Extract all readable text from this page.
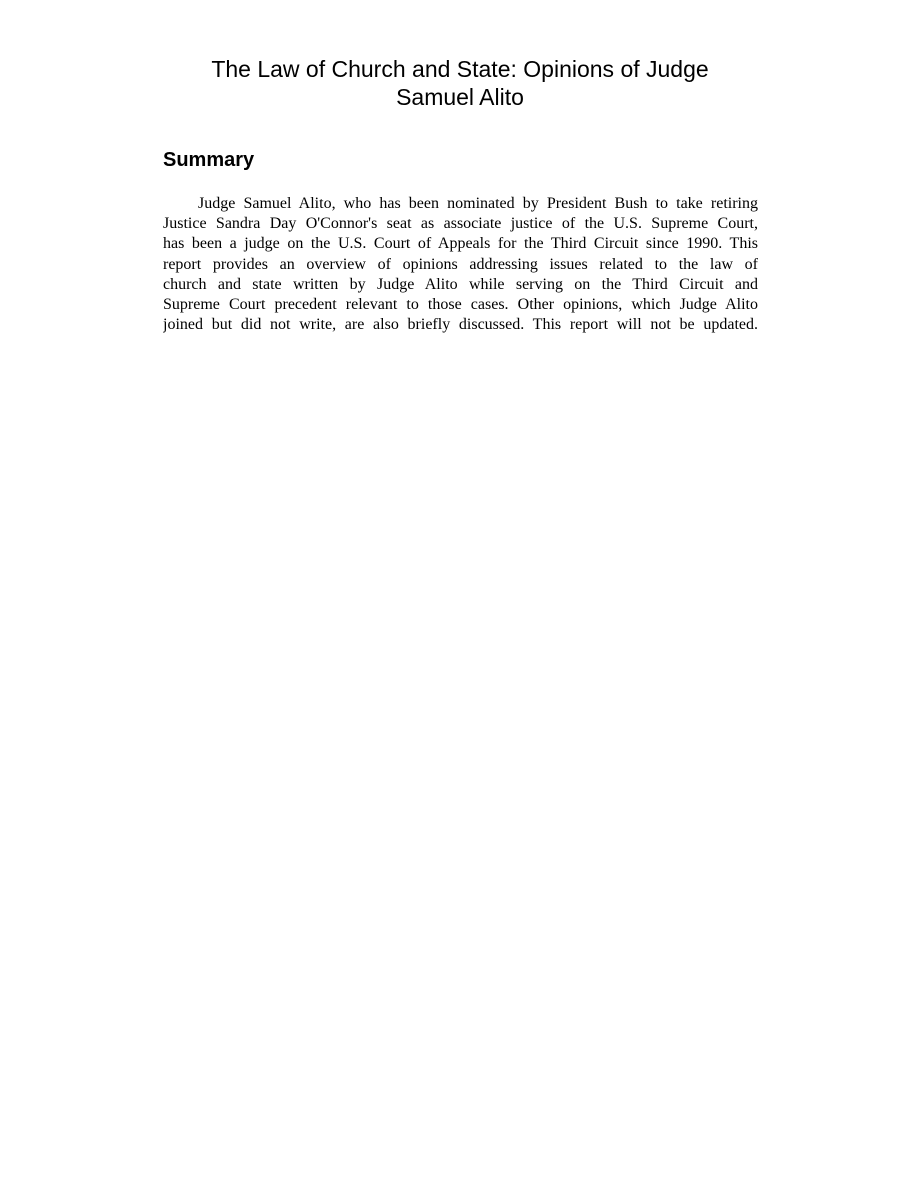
The Law of Church and State: Opinions of Judge
Samuel Alito
Summary

Judge Samuel Alito, who has been nominated by President Bush to take retiring
Justice Sandra Day O'Connor's seat as associate justice of the U.S. Supreme Court,
has been a judge on the U.S. Court of Appeals for the Third Circuit since 1990. This
report provides an overview of opinions addressing issues related to the law of
church and state written by Judge Alito while serving on the Third Circuit and
Supreme Court precedent relevant to those cases. Other opinions, which Judge Alito
joined but did not write, are also briefly discussed. This report will not be updated.
